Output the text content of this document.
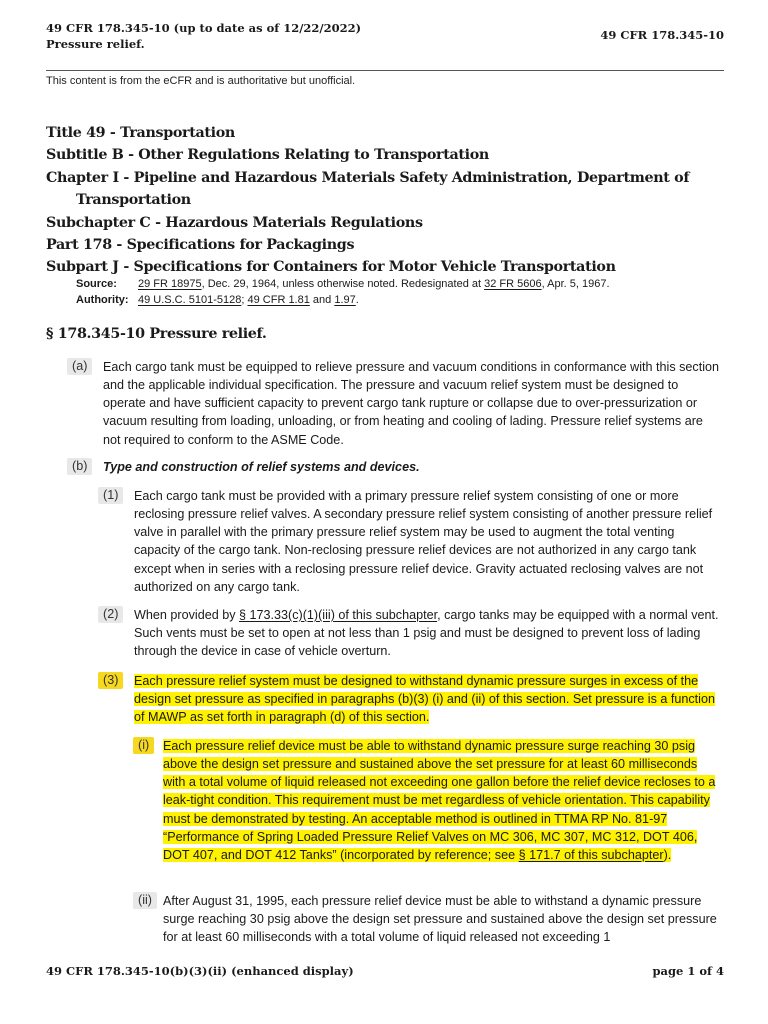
49 CFR 178.345-10 (up to date as of 12/22/2022)
Pressure relief.
49 CFR 178.345-10
This content is from the eCFR and is authoritative but unofficial.
Title 49 - Transportation
Subtitle B - Other Regulations Relating to Transportation
Chapter I - Pipeline and Hazardous Materials Safety Administration, Department of
Transportation
Subchapter C - Hazardous Materials Regulations
Part 178 - Specifications for Packagings
Subpart J - Specifications for Containers for Motor Vehicle Transportation
Source: 29 FR 18975, Dec. 29, 1964, unless otherwise noted. Redesignated at 32 FR 5606, Apr. 5, 1967.
Authority: 49 U.S.C. 5101-5128; 49 CFR 1.81 and 1.97.
§ 178.345-10 Pressure relief.
(a)	Each cargo tank must be equipped to relieve pressure and vacuum conditions in conformance with this section and the applicable individual specification. The pressure and vacuum relief system must be designed to operate and have sufficient capacity to prevent cargo tank rupture or collapse due to over-pressurization or vacuum resulting from loading, unloading, or from heating and cooling of lading. Pressure relief systems are not required to conform to the ASME Code.
(b)	Type and construction of relief systems and devices.
(1)	Each cargo tank must be provided with a primary pressure relief system consisting of one or more reclosing pressure relief valves. A secondary pressure relief system consisting of another pressure relief valve in parallel with the primary pressure relief system may be used to augment the total venting capacity of the cargo tank. Non-reclosing pressure relief devices are not authorized in any cargo tank except when in series with a reclosing pressure relief device. Gravity actuated reclosing valves are not authorized on any cargo tank.
(2)	When provided by § 173.33(c)(1)(iii) of this subchapter, cargo tanks may be equipped with a normal vent. Such vents must be set to open at not less than 1 psig and must be designed to prevent loss of lading through the device in case of vehicle overturn.
(3)	Each pressure relief system must be designed to withstand dynamic pressure surges in excess of the design set pressure as specified in paragraphs (b)(3) (i) and (ii) of this section. Set pressure is a function of MAWP as set forth in paragraph (d) of this section.
(i)	Each pressure relief device must be able to withstand dynamic pressure surge reaching 30 psig above the design set pressure and sustained above the set pressure for at least 60 milliseconds with a total volume of liquid released not exceeding one gallon before the relief device recloses to a leak-tight condition. This requirement must be met regardless of vehicle orientation. This capability must be demonstrated by testing. An acceptable method is outlined in TTMA RP No. 81-97 “Performance of Spring Loaded Pressure Relief Valves on MC 306, MC 307, MC 312, DOT 406, DOT 407, and DOT 412 Tanks” (incorporated by reference; see § 171.7 of this subchapter).
(ii) After August 31, 1995, each pressure relief device must be able to withstand a dynamic pressure surge reaching 30 psig above the design set pressure and sustained above the design set pressure for at least 60 milliseconds with a total volume of liquid released not exceeding 1
49 CFR 178.345-10(b)(3)(ii) (enhanced display)	page 1 of 4
